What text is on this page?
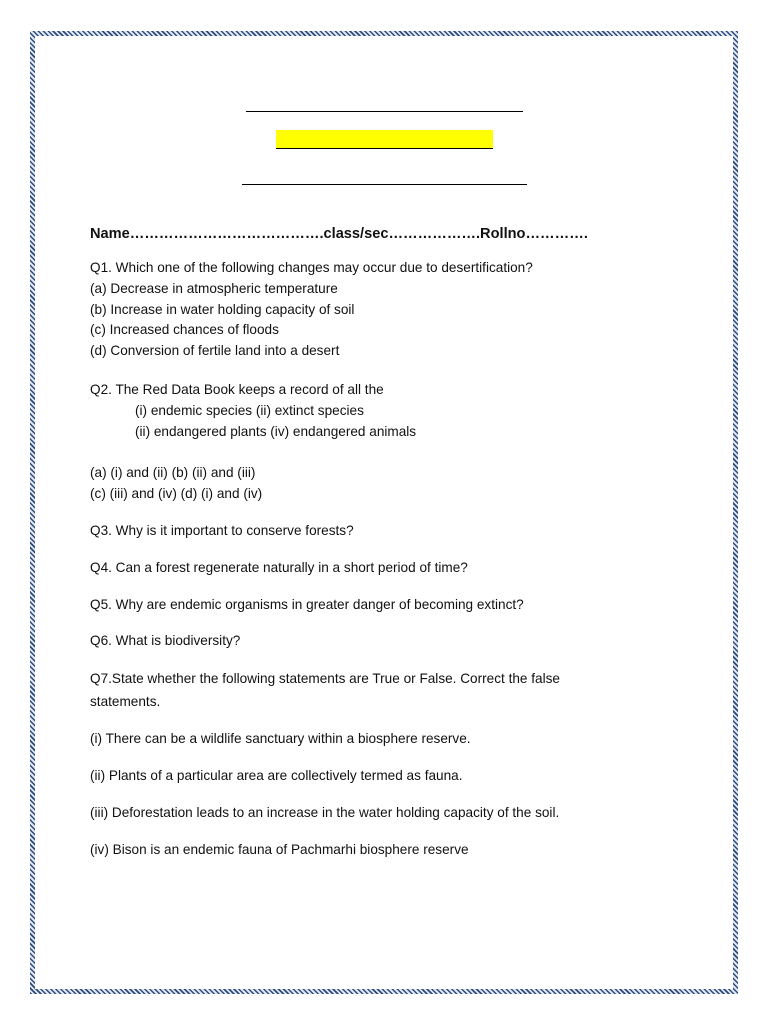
Name………………………………….class/sec……………….Rollno………….
Q1. Which one of the following changes may occur due to desertification?
(a) Decrease in atmospheric temperature
(b) Increase in water holding capacity of soil
(c) Increased chances of floods
(d) Conversion of fertile land into a desert
Q2. The Red Data Book keeps a record of all the
(i) endemic species (ii) extinct species
(ii) endangered plants (iv) endangered animals
(a) (i) and (ii) (b) (ii) and (iii)
(c) (iii) and (iv) (d) (i) and (iv)
Q3. Why is it important to conserve forests?
Q4. Can a forest regenerate naturally in a short period of time?
Q5. Why are endemic organisms in greater danger of becoming extinct?
Q6. What is biodiversity?
Q7.State whether the following statements are True or False. Correct the false
statements.
(i) There can be a wildlife sanctuary within a biosphere reserve.
(ii) Plants of a particular area are collectively termed as fauna.
(iii) Deforestation leads to an increase in the water holding capacity of the soil.
(iv) Bison is an endemic fauna of Pachmarhi biosphere reserve
